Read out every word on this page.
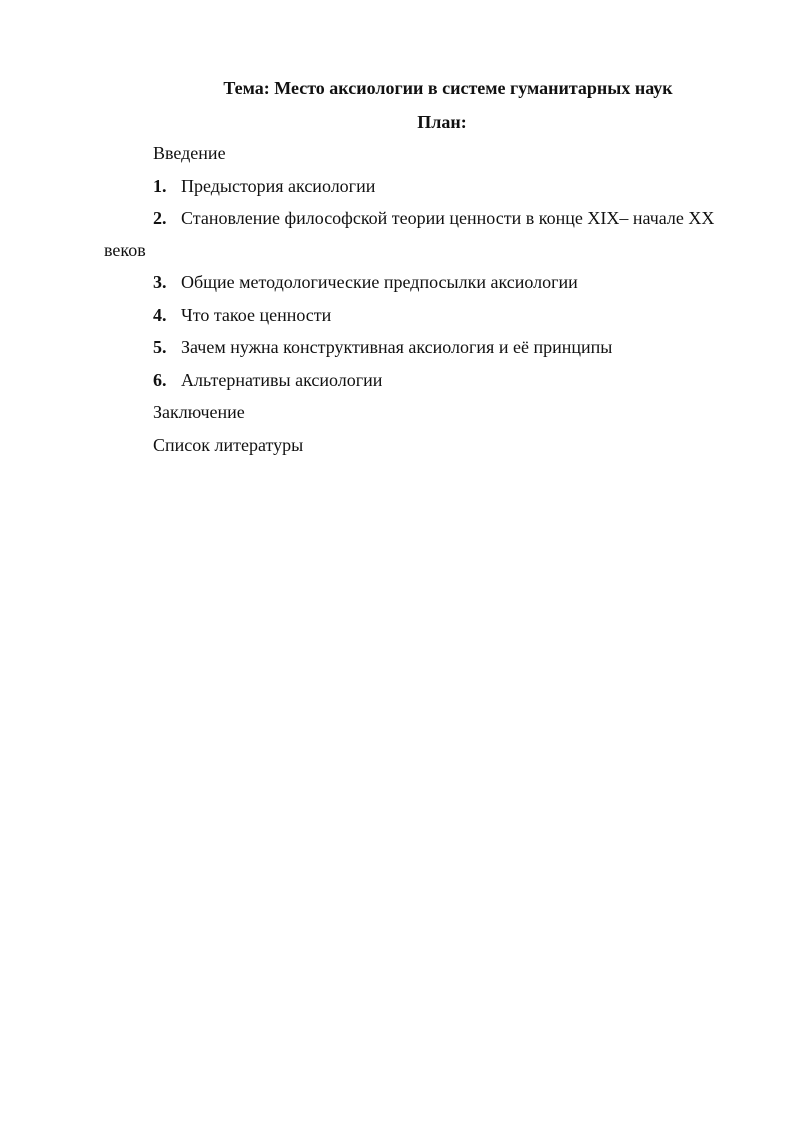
Тема: Место аксиологии в системе гуманитарных наук
План:
Введение
1. Предыстория аксиологии
2. Становление философской теории ценности в конце XIX– начале XX
веков
3. Общие методологические предпосылки аксиологии
4. Что такое ценности
5. Зачем нужна конструктивная аксиология и её принципы
6. Альтернативы аксиологии
Заключение
Список литературы
